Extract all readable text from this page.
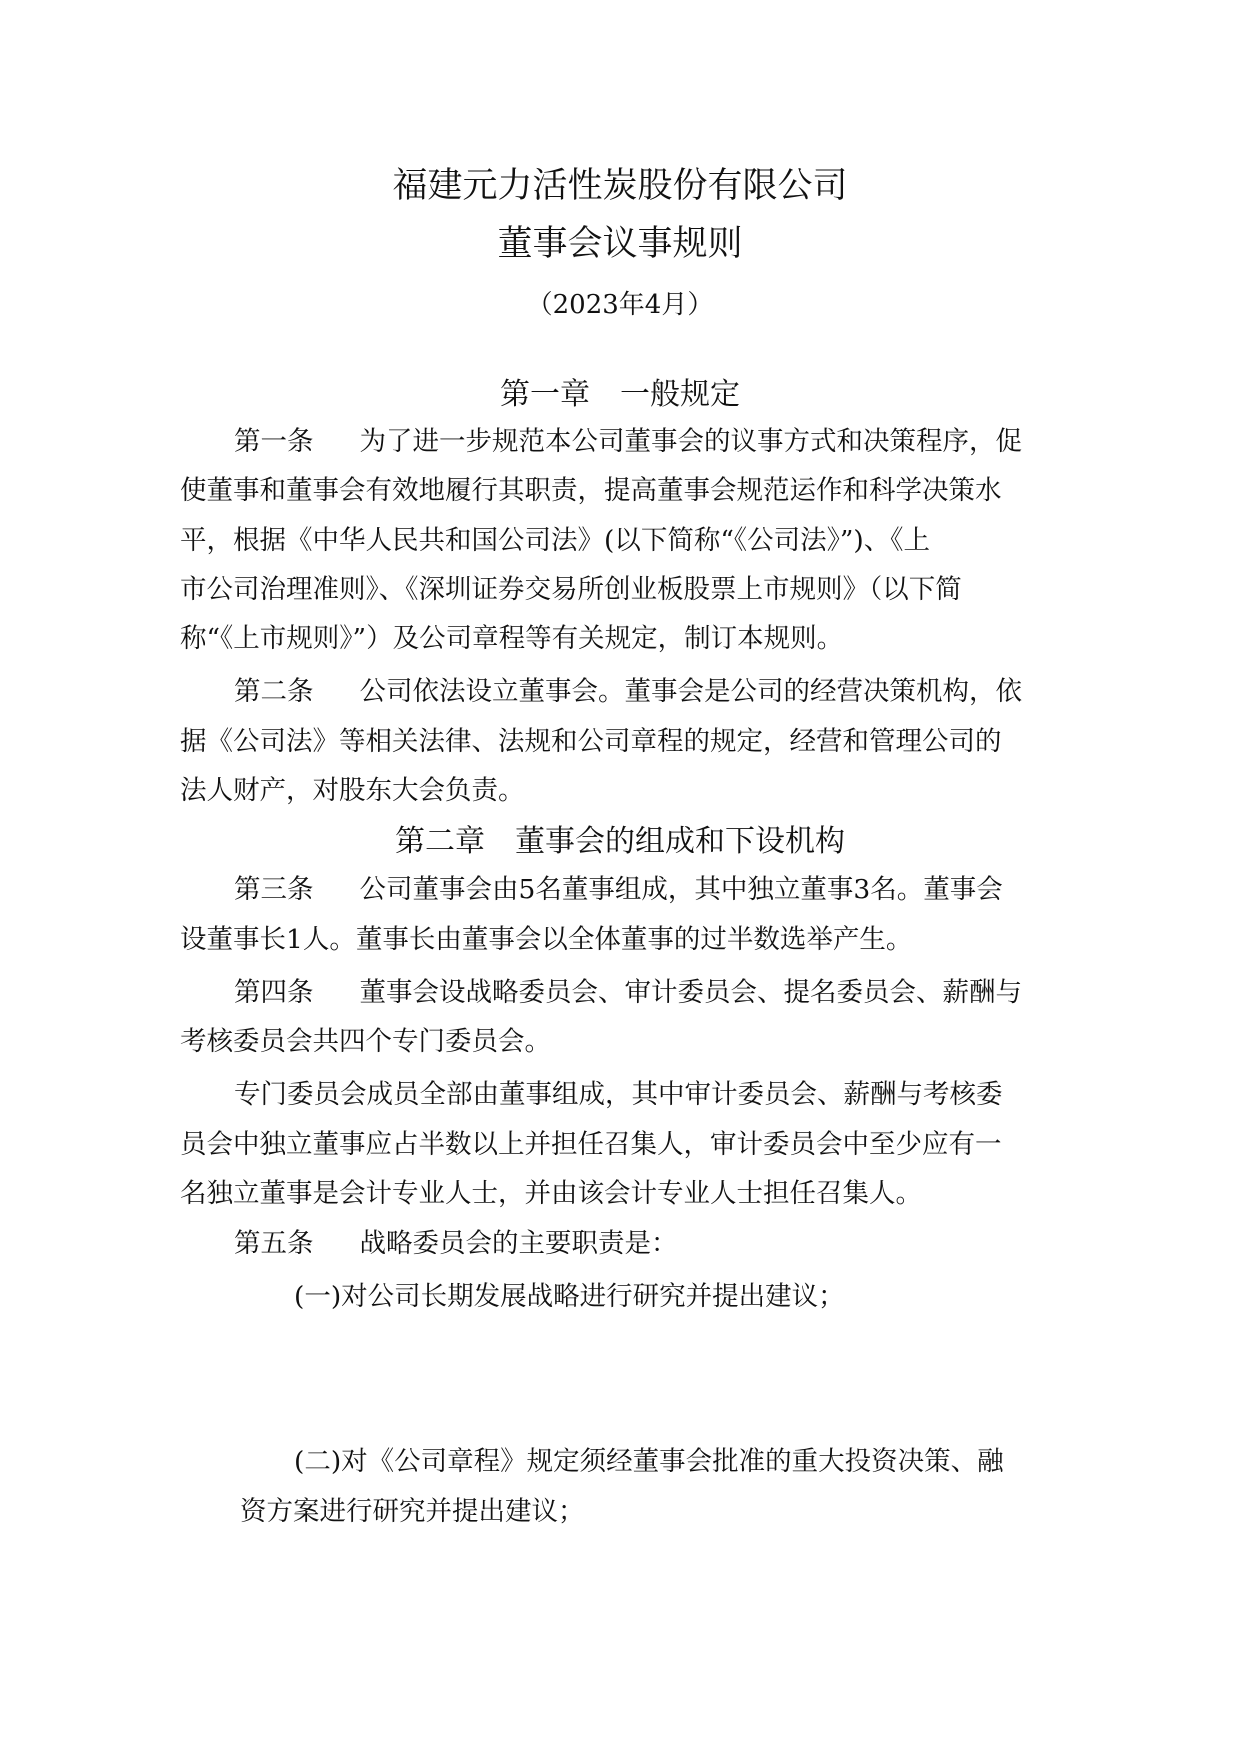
福建元力活性炭股份有限公司
董事会议事规则
（2023年4月）
第一章　一般规定
第一条 为了进一步规范本公司董事会的议事方式和决策程序，促
使董事和董事会有效地履行其职责，提高董事会规范运作和科学决策水
平，根据《中华人民共和国公司法》(以下简称“《公司法》”)、《上
市公司治理准则》、《深圳证券交易所创业板股票上市规则》（以下简
称“《上市规则》”）及公司章程等有关规定，制订本规则。
第二条 公司依法设立董事会。董事会是公司的经营决策机构，依
据《公司法》等相关法律、法规和公司章程的规定，经营和管理公司的
法人财产，对股东大会负责。
第二章　董事会的组成和下设机构
第三条 公司董事会由5名董事组成，其中独立董事3名。董事会
设董事长1人。董事长由董事会以全体董事的过半数选举产生。
第四条 董事会设战略委员会、审计委员会、提名委员会、薪酬与
考核委员会共四个专门委员会。
专门委员会成员全部由董事组成，其中审计委员会、薪酬与考核委
员会中独立董事应占半数以上并担任召集人，审计委员会中至少应有一
名独立董事是会计专业人士，并由该会计专业人士担任召集人。
第五条 战略委员会的主要职责是：
(一)对公司长期发展战略进行研究并提出建议；
(二)对《公司章程》规定须经董事会批准的重大投资决策、融
资方案进行研究并提出建议；
